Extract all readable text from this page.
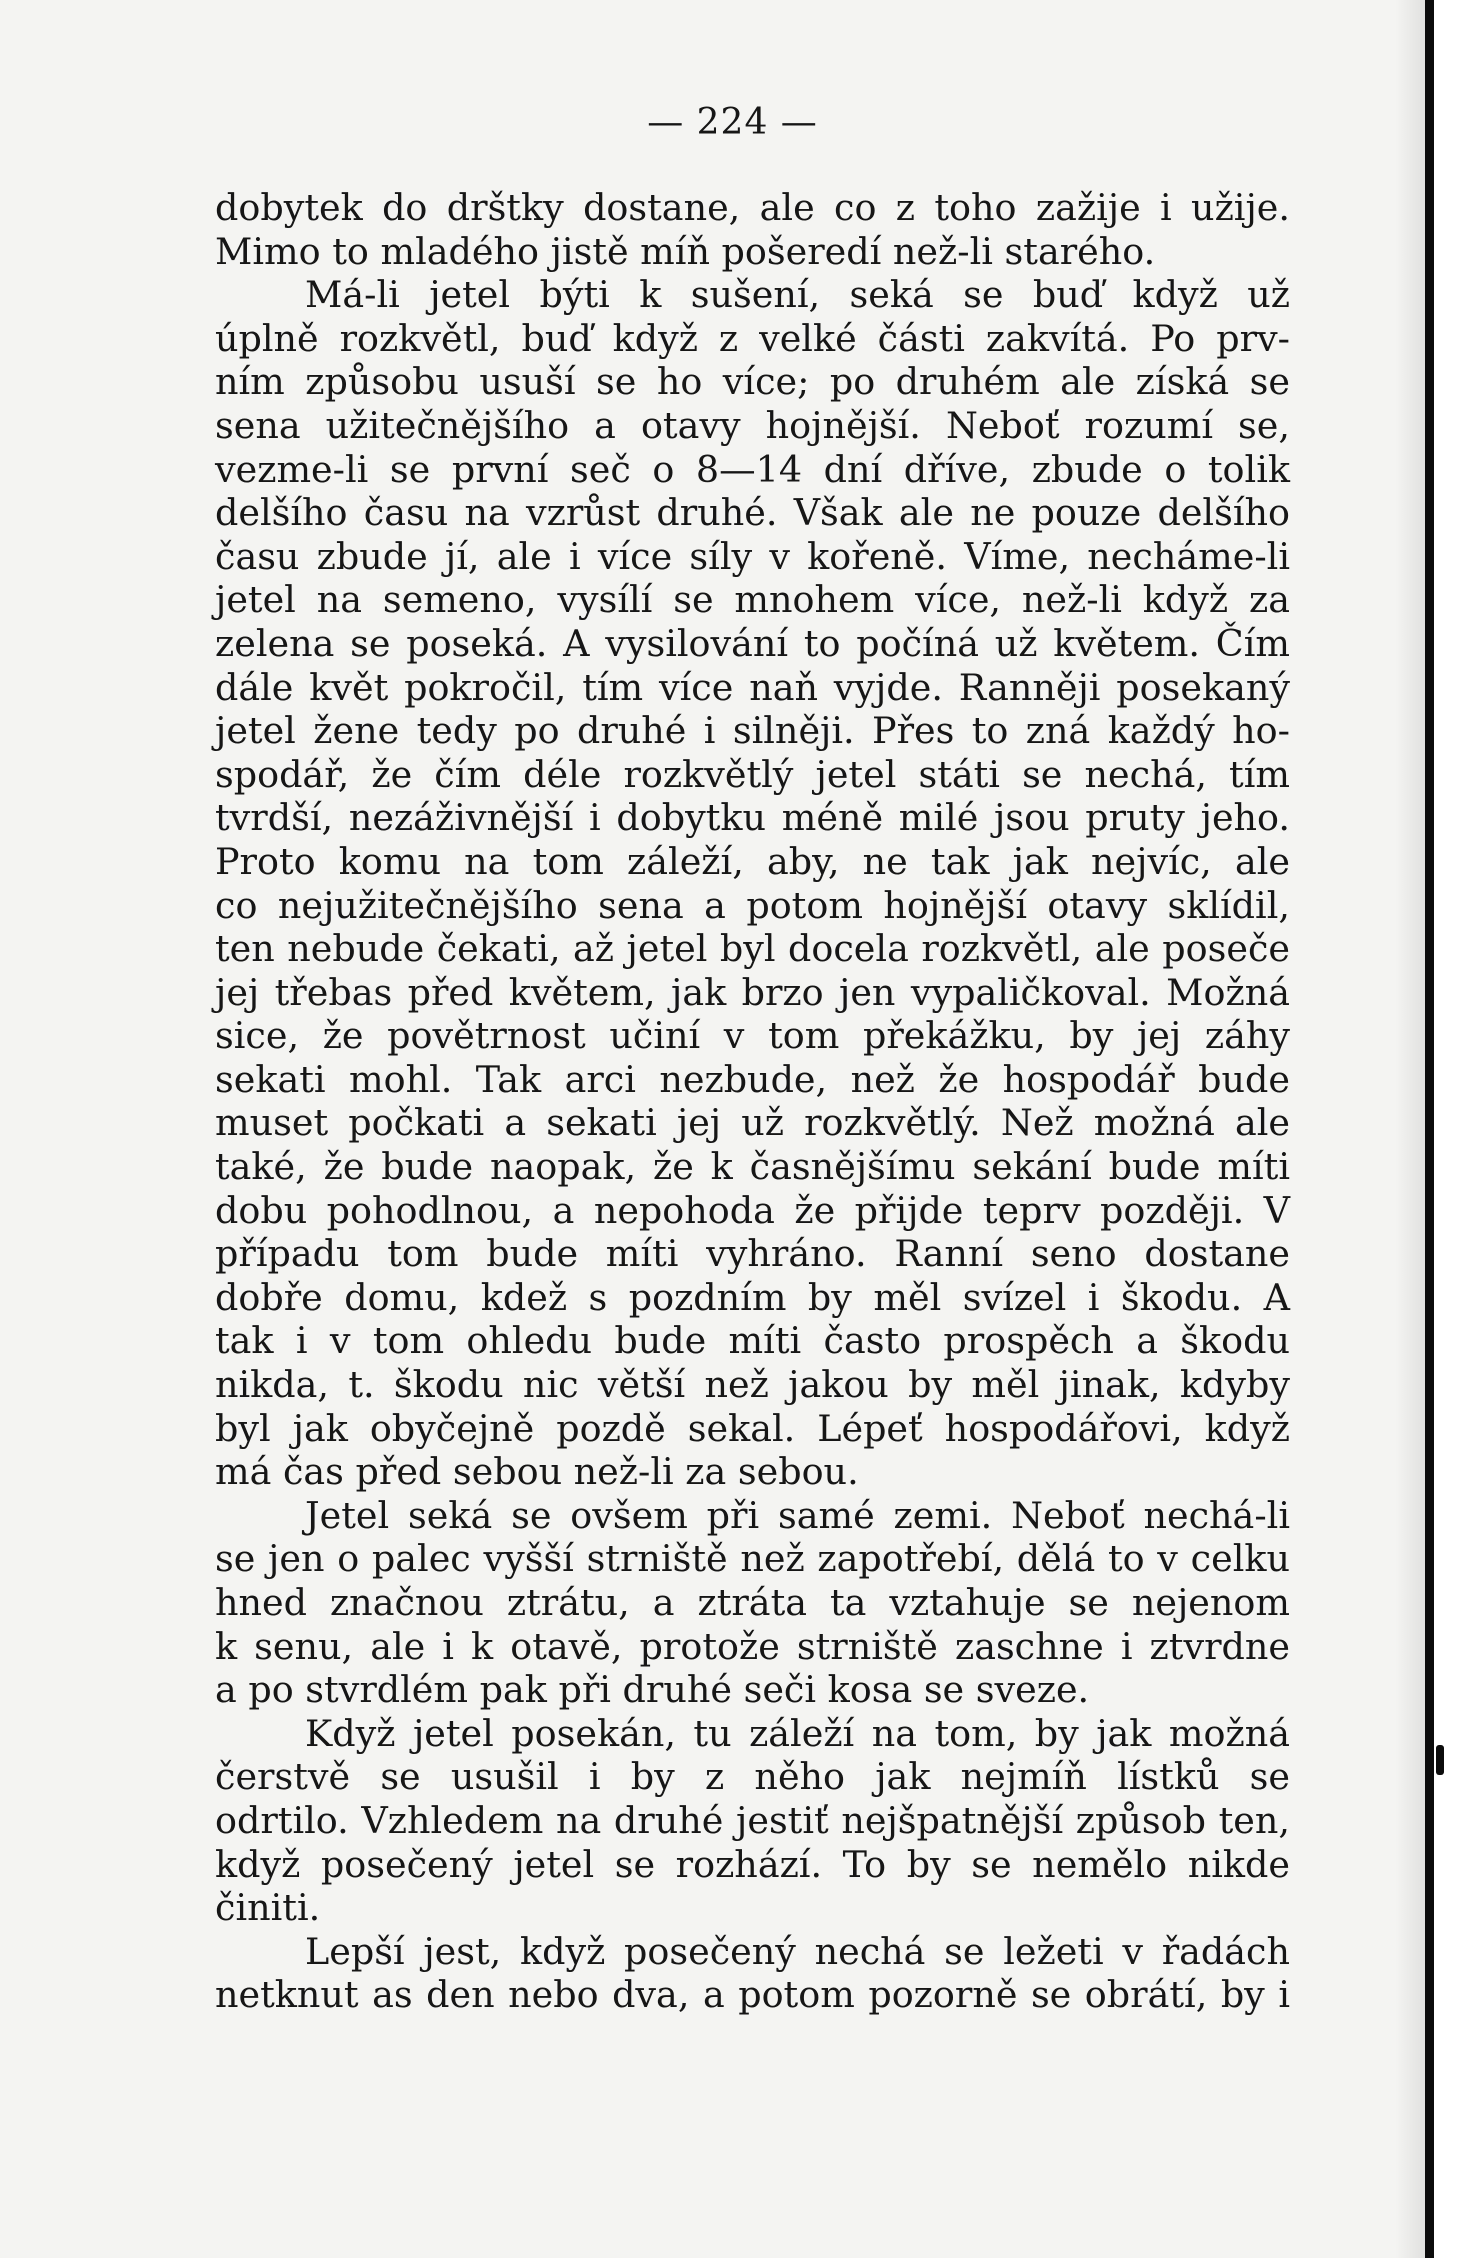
— 224 —
dobytek do drštky dostane, ale co z toho zažije i užije.
Mimo to mladého jistě míň pošeredí než-li starého.
Má-li jetel býti k sušení, seká se buď když už
úplně rozkvětl, buď když z velké části zakvítá. Po prv-
ním způsobu usuší se ho více; po druhém ale získá se
sena užitečnějšího a otavy hojnější. Neboť rozumí se,
vezme-li se první seč o 8—14 dní dříve, zbude o tolik
delšího času na vzrůst druhé. Však ale ne pouze delšího
času zbude jí, ale i více síly v kořeně. Víme, necháme-li
jetel na semeno, vysílí se mnohem více, než-li když za
zelena se poseká. A vysilování to počíná už květem. Čím
dále květ pokročil, tím více naň vyjde. Ranněji posekaný
jetel žene tedy po druhé i silněji. Přes to zná každý ho-
spodář, že čím déle rozkvětlý jetel státi se nechá, tím
tvrdší, nezáživnější i dobytku méně milé jsou pruty jeho.
Proto komu na tom záleží, aby, ne tak jak nejvíc, ale
co nejužitečnějšího sena a potom hojnější otavy sklídil,
ten nebude čekati, až jetel byl docela rozkvětl, ale poseče
jej třebas před květem, jak brzo jen vypaličkoval. Možná
sice, že povětrnost učiní v tom překážku, by jej záhy
sekati mohl. Tak arci nezbude, než že hospodář bude
muset počkati a sekati jej už rozkvětlý. Než možná ale
také, že bude naopak, že k časnějšímu sekání bude míti
dobu pohodlnou, a nepohoda že přijde teprv později. V
případu tom bude míti vyhráno. Ranní seno dostane
dobře domu, kdež s pozdním by měl svízel i škodu. A
tak i v tom ohledu bude míti často prospěch a škodu
nikda, t. škodu nic větší než jakou by měl jinak, kdyby
byl jak obyčejně pozdě sekal. Lépeť hospodářovi, když
má čas před sebou než-li za sebou.
Jetel seká se ovšem při samé zemi. Neboť nechá-li
se jen o palec vyšší strniště než zapotřebí, dělá to v celku
hned značnou ztrátu, a ztráta ta vztahuje se nejenom
k senu, ale i k otavě, protože strniště zaschne i ztvrdne
a po stvrdlém pak při druhé seči kosa se sveze.
Když jetel posekán, tu záleží na tom, by jak možná
čerstvě se usušil i by z něho jak nejmíň lístků se
odrtilo. Vzhledem na druhé jestiť nejšpatnější způsob ten,
když posečený jetel se rozhází. To by se nemělo nikde
činiti.
Lepší jest, když posečený nechá se ležeti v řadách
netknut as den nebo dva, a potom pozorně se obrátí, by i
